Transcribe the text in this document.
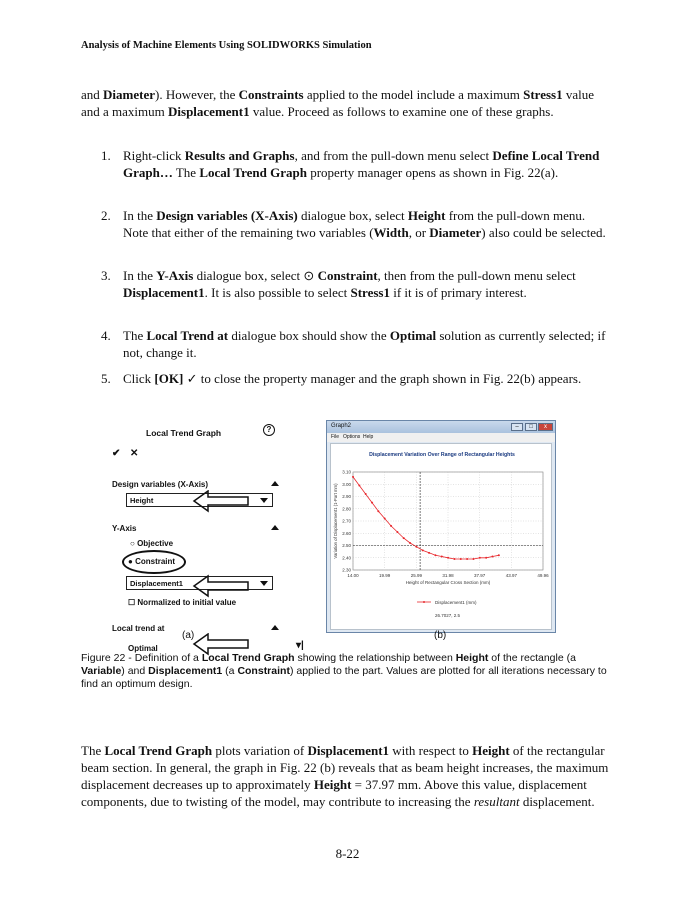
Analysis of Machine Elements Using SOLIDWORKS Simulation
and Diameter). However, the Constraints applied to the model include a maximum Stress1 value and a maximum Displacement1 value. Proceed as follows to examine one of these graphs.
1. Right-click Results and Graphs, and from the pull-down menu select Define Local Trend Graph… The Local Trend Graph property manager opens as shown in Fig. 22(a).
2. In the Design variables (X-Axis) dialogue box, select Height from the pull-down menu. Note that either of the remaining two variables (Width, or Diameter) also could be selected.
3. In the Y-Axis dialogue box, select ⊙ Constraint, then from the pull-down menu select Displacement1. It is also possible to select Stress1 if it is of primary interest.
4. The Local Trend at dialogue box should show the Optimal solution as currently selected; if not, change it.
5. Click [OK] ✓ to close the property manager and the graph shown in Fig. 22(b) appears.
Local Trend Graph	?
✔ ✕
Design variables (X-Axis)
Height
Y-Axis
○ Objective
● Constraint
Displacement1
☐ Normalized to initial value
Local trend at
Optimal	▾|
(a)
Graph2	–	□	x
File Options Help
Displacement Variation Over Range of Rectangular Heights
14.00	19.99	25.99	31.98	37.97	43.97	49.96
2.30
2.40
2.50
2.60
2.70
2.80
2.90
3.00
3.10
Height of Rectangular Cross Section (mm)
Variation of Displacement1 (1-Part mm)
Displacement1 (mm)
26.7027, 2.5
(b)
Figure 22 - Definition of a Local Trend Graph showing the relationship between Height of the rectangle (a Variable) and Displacement1 (a Constraint) applied to the part. Values are plotted for all iterations necessary to find an optimum design.
The Local Trend Graph plots variation of Displacement1 with respect to Height of the rectangular beam section. In general, the graph in Fig. 22 (b) reveals that as beam height increases, the maximum displacement decreases up to approximately Height = 37.97 mm. Above this value, displacement components, due to twisting of the model, may contribute to increasing the resultant displacement.
8-22
